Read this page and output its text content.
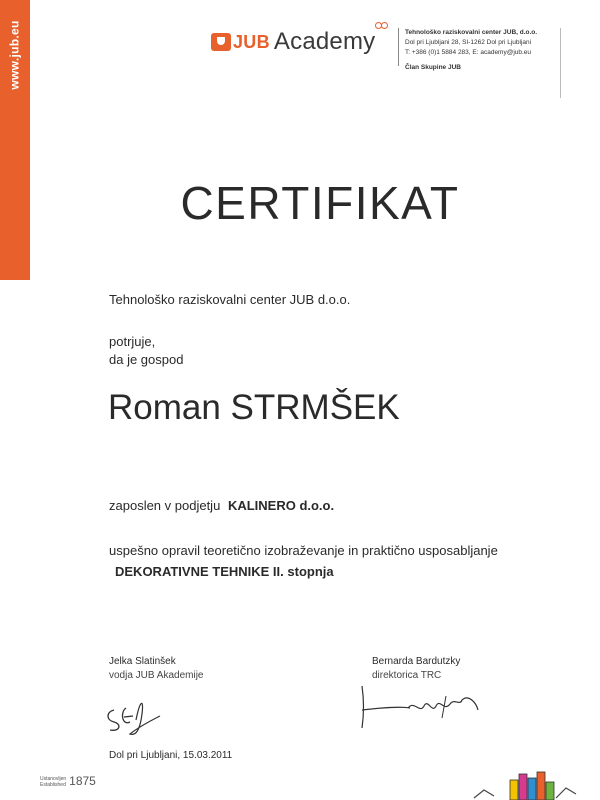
www.jub.eu	JUB Academy	Tehnološko raziskovalni center JUB, d.o.o.
Dol pri Ljubljani 28, SI-1262 Dol pri Ljubljani
T: +386 (0)1 5884 283, E: academy@jub.eu
Član Skupine JUB
CERTIFIKAT
Tehnološko raziskovalni center JUB d.o.o.
potrjuje,
da je gospod
Roman STRMŠEK
zaposlen v podjetju KALINERO d.o.o.
uspešno opravil teoretično izobraževanje in praktično usposabljanje
DEKORATIVNE TEHNIKE II. stopnja
Jelka Slatinšek
vodja JUB Akademije
Bernarda Bardutzky
direktorica TRC
Dol pri Ljubljani, 15.03.2011
Ustanovljen
Established 1875
